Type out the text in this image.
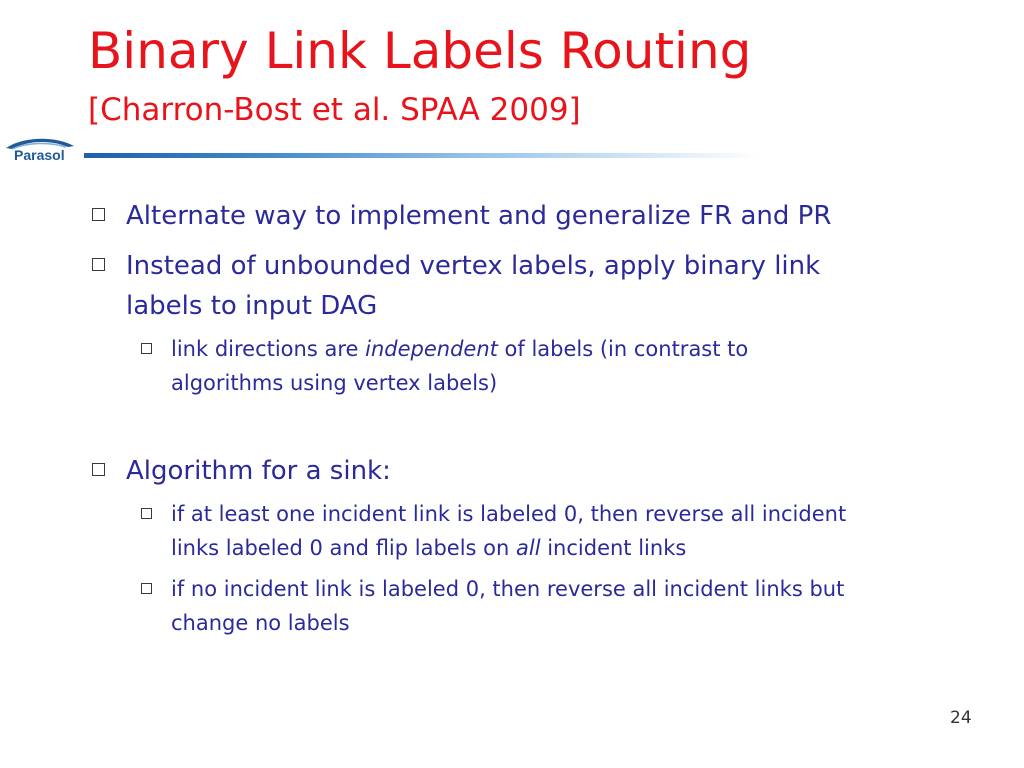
Binary Link Labels Routing
[Charron-Bost et al. SPAA 2009]
Parasol
Alternate way to implement and generalize FR and PR
Instead of unbounded vertex labels, apply binary link
labels to input DAG
link directions are independent of labels (in contrast to
algorithms using vertex labels)
Algorithm for a sink:
if at least one incident link is labeled 0, then reverse all incident
links labeled 0 and flip labels on all incident links
if no incident link is labeled 0, then reverse all incident links but
change no labels
24
